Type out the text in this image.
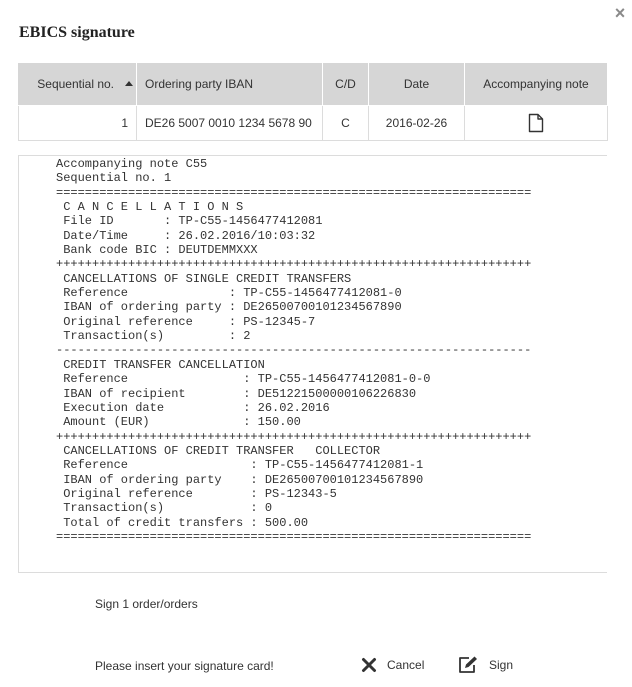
×
EBICS signature
Sequential no.	Ordering party IBAN	C/D	Date	Accompanying note
1	DE26 5007 0010 1234 5678 90	C	2016-02-26	
Accompanying note C55
Sequential no. 1
==================================================================
C A N C E L L A T I O N S
File ID       : TP-C55-1456477412081
Date/Time     : 26.02.2016/10:03:32
Bank code BIC : DEUTDEMMXXX
++++++++++++++++++++++++++++++++++++++++++++++++++++++++++++++++++
CANCELLATIONS OF SINGLE CREDIT TRANSFERS
Reference              : TP-C55-1456477412081-0
IBAN of ordering party : DE26500700101234567890
Original reference     : PS-12345-7
Transaction(s)         : 2
------------------------------------------------------------------
CREDIT TRANSFER CANCELLATION
Reference                : TP-C55-1456477412081-0-0
IBAN of recipient        : DE51221500000106226830
Execution date           : 26.02.2016
Amount (EUR)             : 150.00
++++++++++++++++++++++++++++++++++++++++++++++++++++++++++++++++++
CANCELLATIONS OF CREDIT TRANSFER   COLLECTOR
Reference                 : TP-C55-1456477412081-1
IBAN of ordering party    : DE26500700101234567890
Original reference        : PS-12343-5
Transaction(s)            : 0
Total of credit transfers : 500.00
==================================================================
Sign 1 order/orders
Please insert your signature card!	Cancel	Sign
